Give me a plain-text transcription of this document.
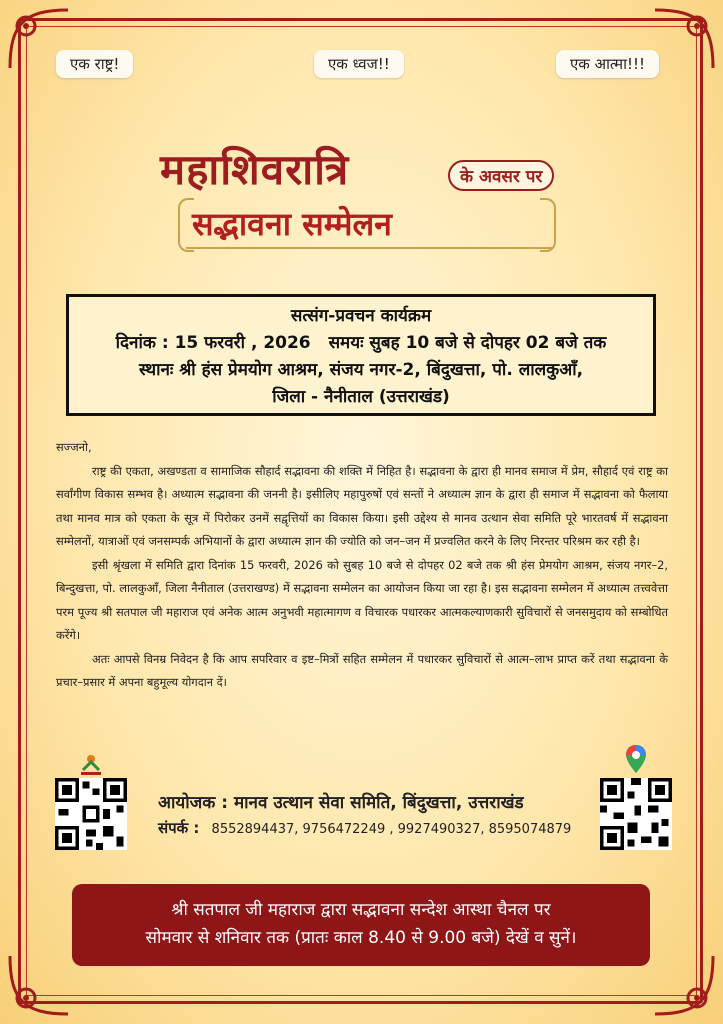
एक राष्ट्र!	एक ध्वज!!	एक आत्मा!!!
महाशिवरात्रि	के अवसर पर
सद्भावना सम्मेलन
सत्संग-प्रवचन कार्यक्रम
दिनांक : 15 फरवरी , 2026 समयः सुबह 10 बजे से दोपहर 02 बजे तक
स्थानः श्री हंस प्रेमयोग आश्रम, संजय नगर-2, बिंदुखत्ता, पो. लालकुआँ,
जिला - नैनीताल (उत्तराखंड)

सज्जनो,

राष्ट्र की एकता, अखण्डता व सामाजिक सौहार्द सद्भावना की शक्ति में निहित है। सद्भावना के द्वारा ही मानव समाज में प्रेम, सौहार्द एवं राष्ट्र का सर्वांगीण विकास सम्भव है। अध्यात्म सद्भावना की जननी है। इसीलिए महापुरुषों एवं सन्तों ने अध्यात्म ज्ञान के द्वारा ही समाज में सद्भावना को फैलाया तथा मानव मात्र को एकता के सूत्र में पिरोकर उनमें सद्वृत्तियों का विकास किया। इसी उद्देश्य से मानव उत्थान सेवा समिति पूरे भारतवर्ष में सद्भावना सम्मेलनों, यात्राओं एवं जनसम्पर्क अभियानों के द्वारा अध्यात्म ज्ञान की ज्योति को जन–जन में प्रज्वलित करने के लिए निरन्तर परिश्रम कर रही है।

इसी श्रृंखला में समिति द्वारा दिनांक 15 फरवरी, 2026 को सुबह 10 बजे से दोपहर 02 बजे तक श्री हंस प्रेमयोग आश्रम, संजय नगर–2, बिन्दुखत्ता, पो. लालकुआँ, जिला नैनीताल (उत्तराखण्ड) में सद्भावना सम्मेलन का आयोजन किया जा रहा है। इस सद्भावना सम्मेलन में अध्यात्म तत्त्ववेत्ता परम पूज्य श्री सतपाल जी महाराज एवं अनेक आत्म अनुभवी महात्मागण व विचारक पधारकर आत्मकल्याणकारी सुविचारों से जनसमुदाय को सम्बोधित करेंगे।

अतः आपसे विनम्र निवेदन है कि आप सपरिवार व इष्ट–मित्रों सहित सम्मेलन में पधारकर सुविचारों से आत्म–लाभ प्राप्त करें तथा सद्भावना के प्रचार–प्रसार में अपना बहुमूल्य योगदान दें।

आयोजक : मानव उत्थान सेवा समिति, बिंदुखत्ता, उत्तराखंड
संपर्क : 8552894437, 9756472249 , 9927490327, 8595074879
श्री सतपाल जी महाराज द्वारा सद्भावना सन्देश आस्था चैनल पर
सोमवार से शनिवार तक (प्रातः काल 8.40 से 9.00 बजे) देखें व सुनें।
